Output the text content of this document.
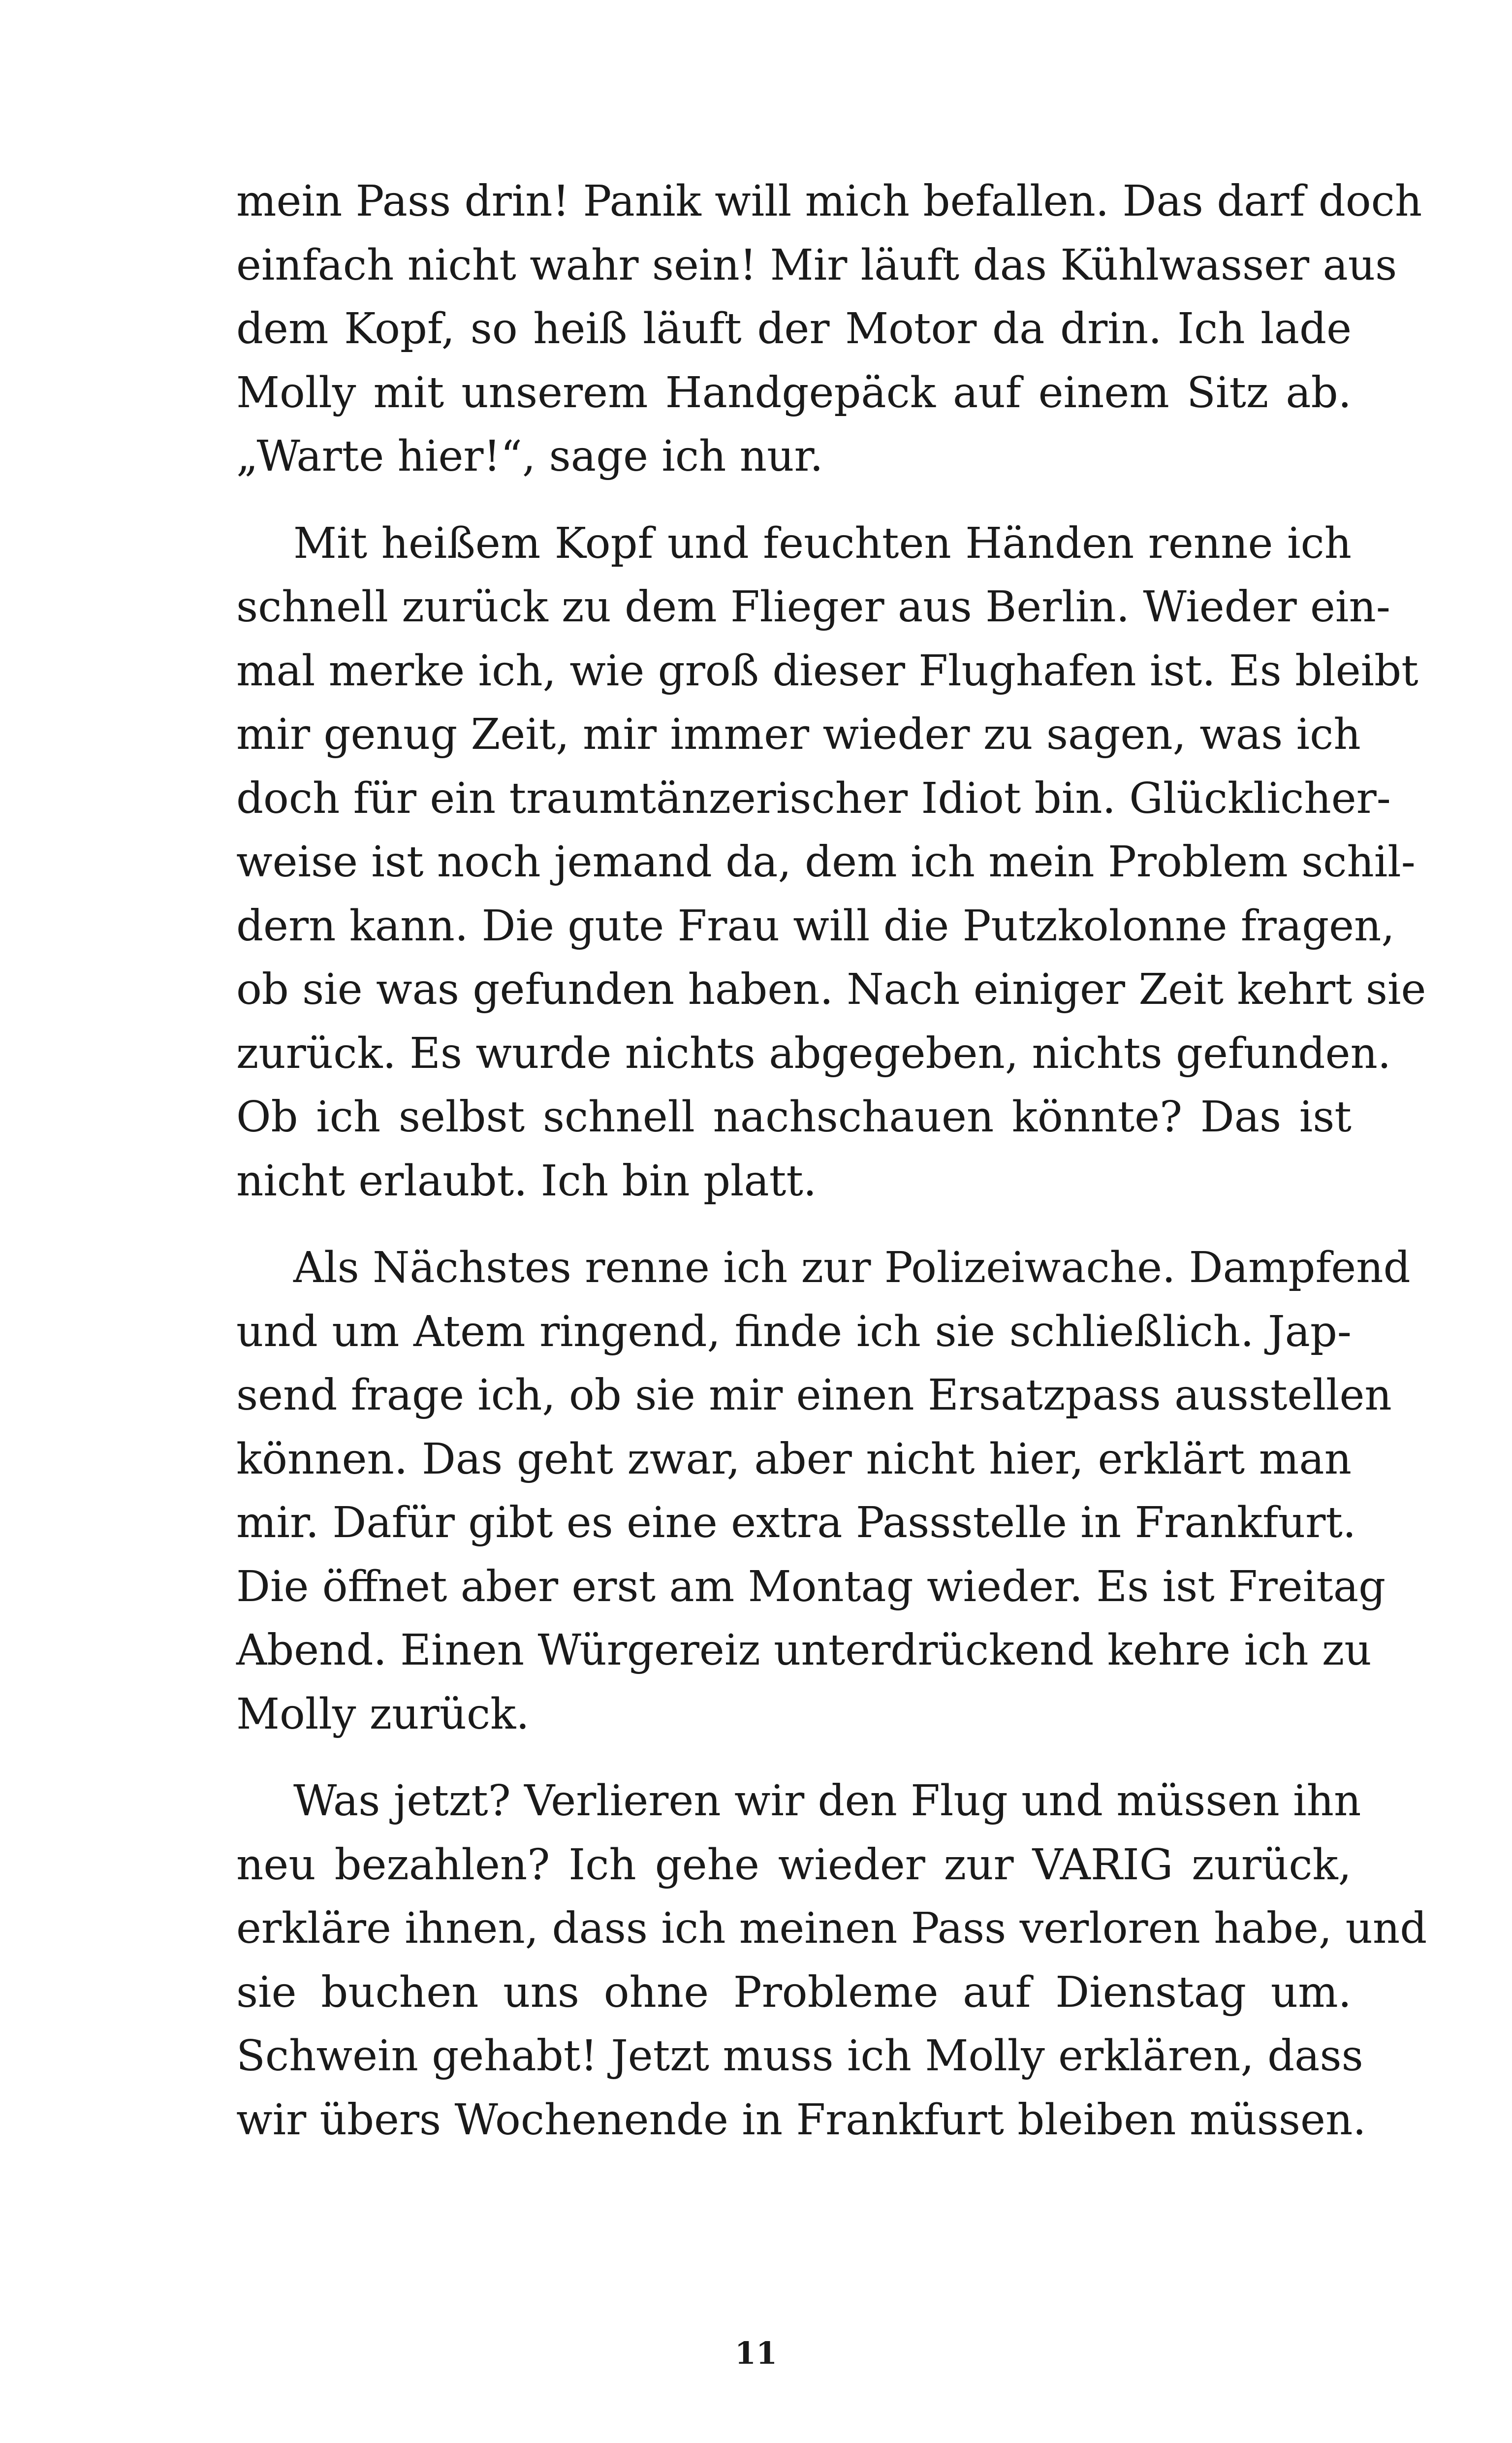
mein Pass drin! Panik will mich befallen. Das darf doch
einfach nicht wahr sein! Mir läuft das Kühlwasser aus
dem Kopf, so heiß läuft der Motor da drin. Ich lade
Molly mit unserem Handgepäck auf einem Sitz ab.
„Warte hier!“, sage ich nur.

Mit heißem Kopf und feuchten Händen renne ich
schnell zurück zu dem Flieger aus Berlin. Wieder ein-
mal merke ich, wie groß dieser Flughafen ist. Es bleibt
mir genug Zeit, mir immer wieder zu sagen, was ich
doch für ein traumtänzerischer Idiot bin. Glücklicher-
weise ist noch jemand da, dem ich mein Problem schil-
dern kann. Die gute Frau will die Putzkolonne fragen,
ob sie was gefunden haben. Nach einiger Zeit kehrt sie
zurück. Es wurde nichts abgegeben, nichts gefunden.
Ob ich selbst schnell nachschauen könnte? Das ist
nicht erlaubt. Ich bin platt.

Als Nächstes renne ich zur Polizeiwache. Dampfend
und um Atem ringend, finde ich sie schließlich. Jap-
send frage ich, ob sie mir einen Ersatzpass ausstellen
können. Das geht zwar, aber nicht hier, erklärt man
mir. Dafür gibt es eine extra Passstelle in Frankfurt.
Die öffnet aber erst am Montag wieder. Es ist Freitag
Abend. Einen Würgereiz unterdrückend kehre ich zu
Molly zurück.

Was jetzt? Verlieren wir den Flug und müssen ihn
neu bezahlen? Ich gehe wieder zur VARIG zurück,
erkläre ihnen, dass ich meinen Pass verloren habe, und
sie buchen uns ohne Probleme auf Dienstag um.
Schwein gehabt! Jetzt muss ich Molly erklären, dass
wir übers Wochenende in Frankfurt bleiben müssen.

11
